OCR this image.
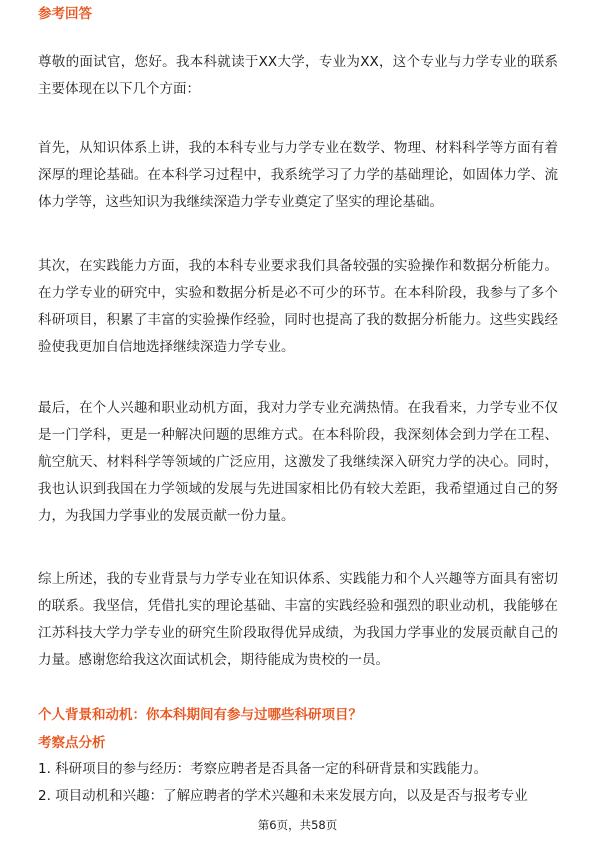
参考回答

尊敬的面试官，您好。我本科就读于XX大学，专业为XX，这个专业与力学专业的联系主要体现在以下几个方面：

首先，从知识体系上讲，我的本科专业与力学专业在数学、物理、材料科学等方面有着深厚的理论基础。在本科学习过程中，我系统学习了力学的基础理论，如固体力学、流体力学等，这些知识为我继续深造力学专业奠定了坚实的理论基础。

其次，在实践能力方面，我的本科专业要求我们具备较强的实验操作和数据分析能力。在力学专业的研究中，实验和数据分析是必不可少的环节。在本科阶段，我参与了多个科研项目，积累了丰富的实验操作经验，同时也提高了我的数据分析能力。这些实践经验使我更加自信地选择继续深造力学专业。

最后，在个人兴趣和职业动机方面，我对力学专业充满热情。在我看来，力学专业不仅是一门学科，更是一种解决问题的思维方式。在本科阶段，我深刻体会到力学在工程、航空航天、材料科学等领域的广泛应用，这激发了我继续深入研究力学的决心。同时，我也认识到我国在力学领域的发展与先进国家相比仍有较大差距，我希望通过自己的努力，为我国力学事业的发展贡献一份力量。

综上所述，我的专业背景与力学专业在知识体系、实践能力和个人兴趣等方面具有密切的联系。我坚信，凭借扎实的理论基础、丰富的实践经验和强烈的职业动机，我能够在江苏科技大学力学专业的研究生阶段取得优异成绩，为我国力学事业的发展贡献自己的力量。感谢您给我这次面试机会，期待能成为贵校的一员。

个人背景和动机：你本科期间有参与过哪些科研项目？
考察点分析
1. 科研项目的参与经历：考察应聘者是否具备一定的科研背景和实践能力。
2. 项目动机和兴趣：了解应聘者的学术兴趣和未来发展方向，以及是否与报考专业
第6页，共58页
